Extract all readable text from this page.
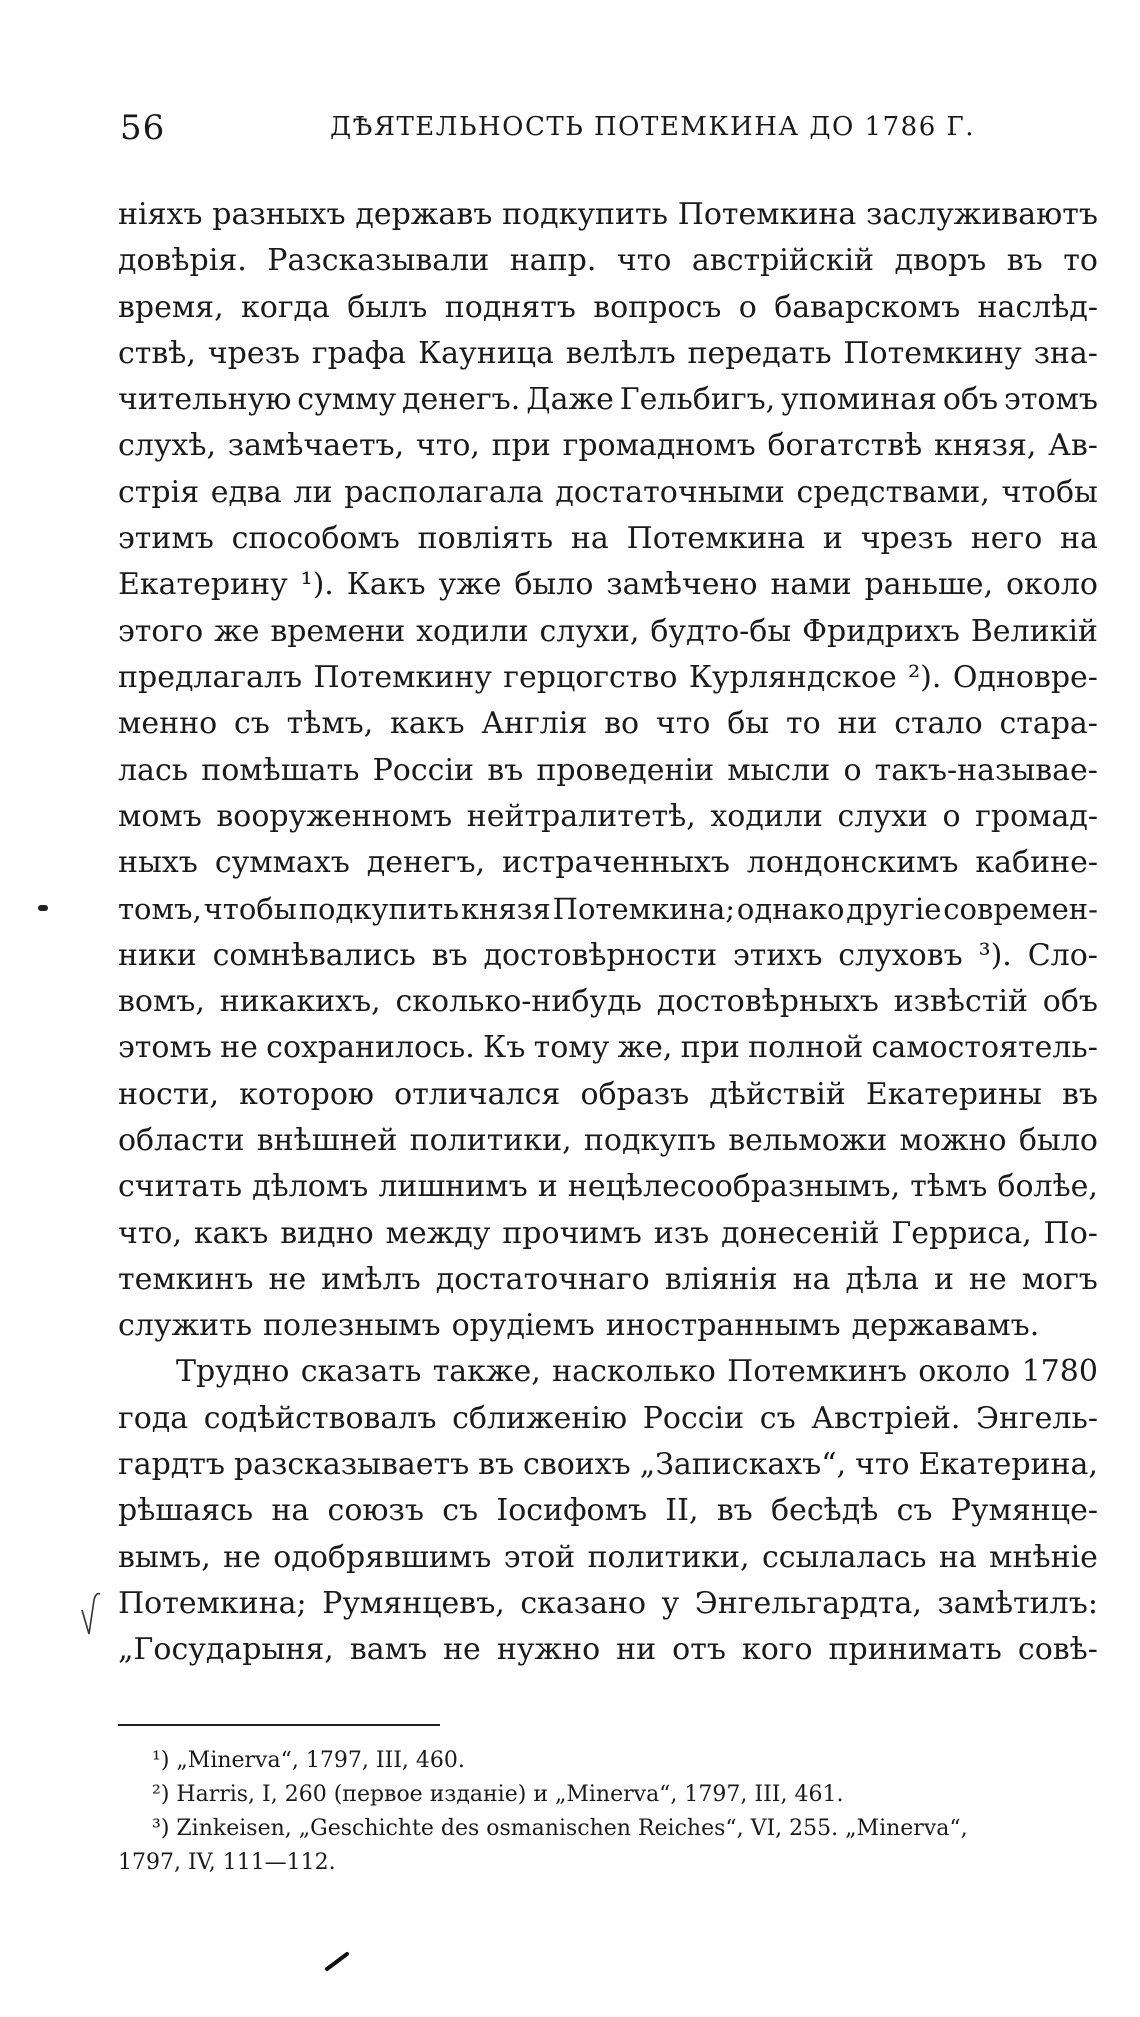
56	ДѢЯТЕЛЬНОСТЬ ПОТЕМКИНА ДО 1786 Г.
ніяхъ разныхъ державъ подкупить Потемкина заслуживаютъ
довѣрія. Разсказывали напр. что австрійскій дворъ въ то
время, когда былъ поднятъ вопросъ о баварскомъ наслѣд-
ствѣ, чрезъ графа Кауница велѣлъ передать Потемкину зна-
чительную сумму денегъ. Даже Гельбигъ, упоминая объ этомъ
слухѣ, замѣчаетъ, что, при громадномъ богатствѣ князя, Ав-
стрія едва ли располагала достаточными средствами, чтобы
этимъ способомъ повліять на Потемкина и чрезъ него на
Екатерину ¹). Какъ уже было замѣчено нами раньше, около
этого же времени ходили слухи, будто-бы Фридрихъ Великій
предлагалъ Потемкину герцогство Курляндское ²). Одновре-
менно съ тѣмъ, какъ Англія во что бы то ни стало стара-
лась помѣшать Россіи въ проведеніи мысли о такъ-называе-
момъ вооруженномъ нейтралитетѣ, ходили слухи о громад-
ныхъ суммахъ денегъ, истраченныхъ лондонскимъ кабине-
томъ, чтобы подкупить князя Потемкина; однако другіе современ-
ники сомнѣвались въ достовѣрности этихъ слуховъ ³). Сло-
вомъ, никакихъ, сколько-нибудь достовѣрныхъ извѣстій объ
этомъ не сохранилось. Къ тому же, при полной самостоятель-
ности, которою отличался образъ дѣйствій Екатерины въ
области внѣшней политики, подкупъ вельможи можно было
считать дѣломъ лишнимъ и нецѣлесообразнымъ, тѣмъ болѣе,
что, какъ видно между прочимъ изъ донесеній Герриса, По-
темкинъ не имѣлъ достаточнаго вліянія на дѣла и не могъ
служить полезнымъ орудіемъ иностраннымъ державамъ.
Трудно сказать также, насколько Потемкинъ около 1780
года содѣйствовалъ сближенію Россіи съ Австріей. Энгель-
гардтъ разсказываетъ въ своихъ „Запискахъ“, что Екатерина,
рѣшаясь на союзъ съ Іосифомъ II, въ бесѣдѣ съ Румянце-
вымъ, не одобрявшимъ этой политики, ссылалась на мнѣніе
Потемкина; Румянцевъ, сказано у Энгельгардта, замѣтилъ:
„Государыня, вамъ не нужно ни отъ кого принимать совѣ-
¹) „Minerva“, 1797, III, 460.
²) Harris, I, 260 (первое изданіе) и „Minerva“, 1797, III, 461.
³) Zinkeisen, „Geschichte des osmanischen Reiches“, VI, 255. „Minerva“,
1797, IV, 111—112.
